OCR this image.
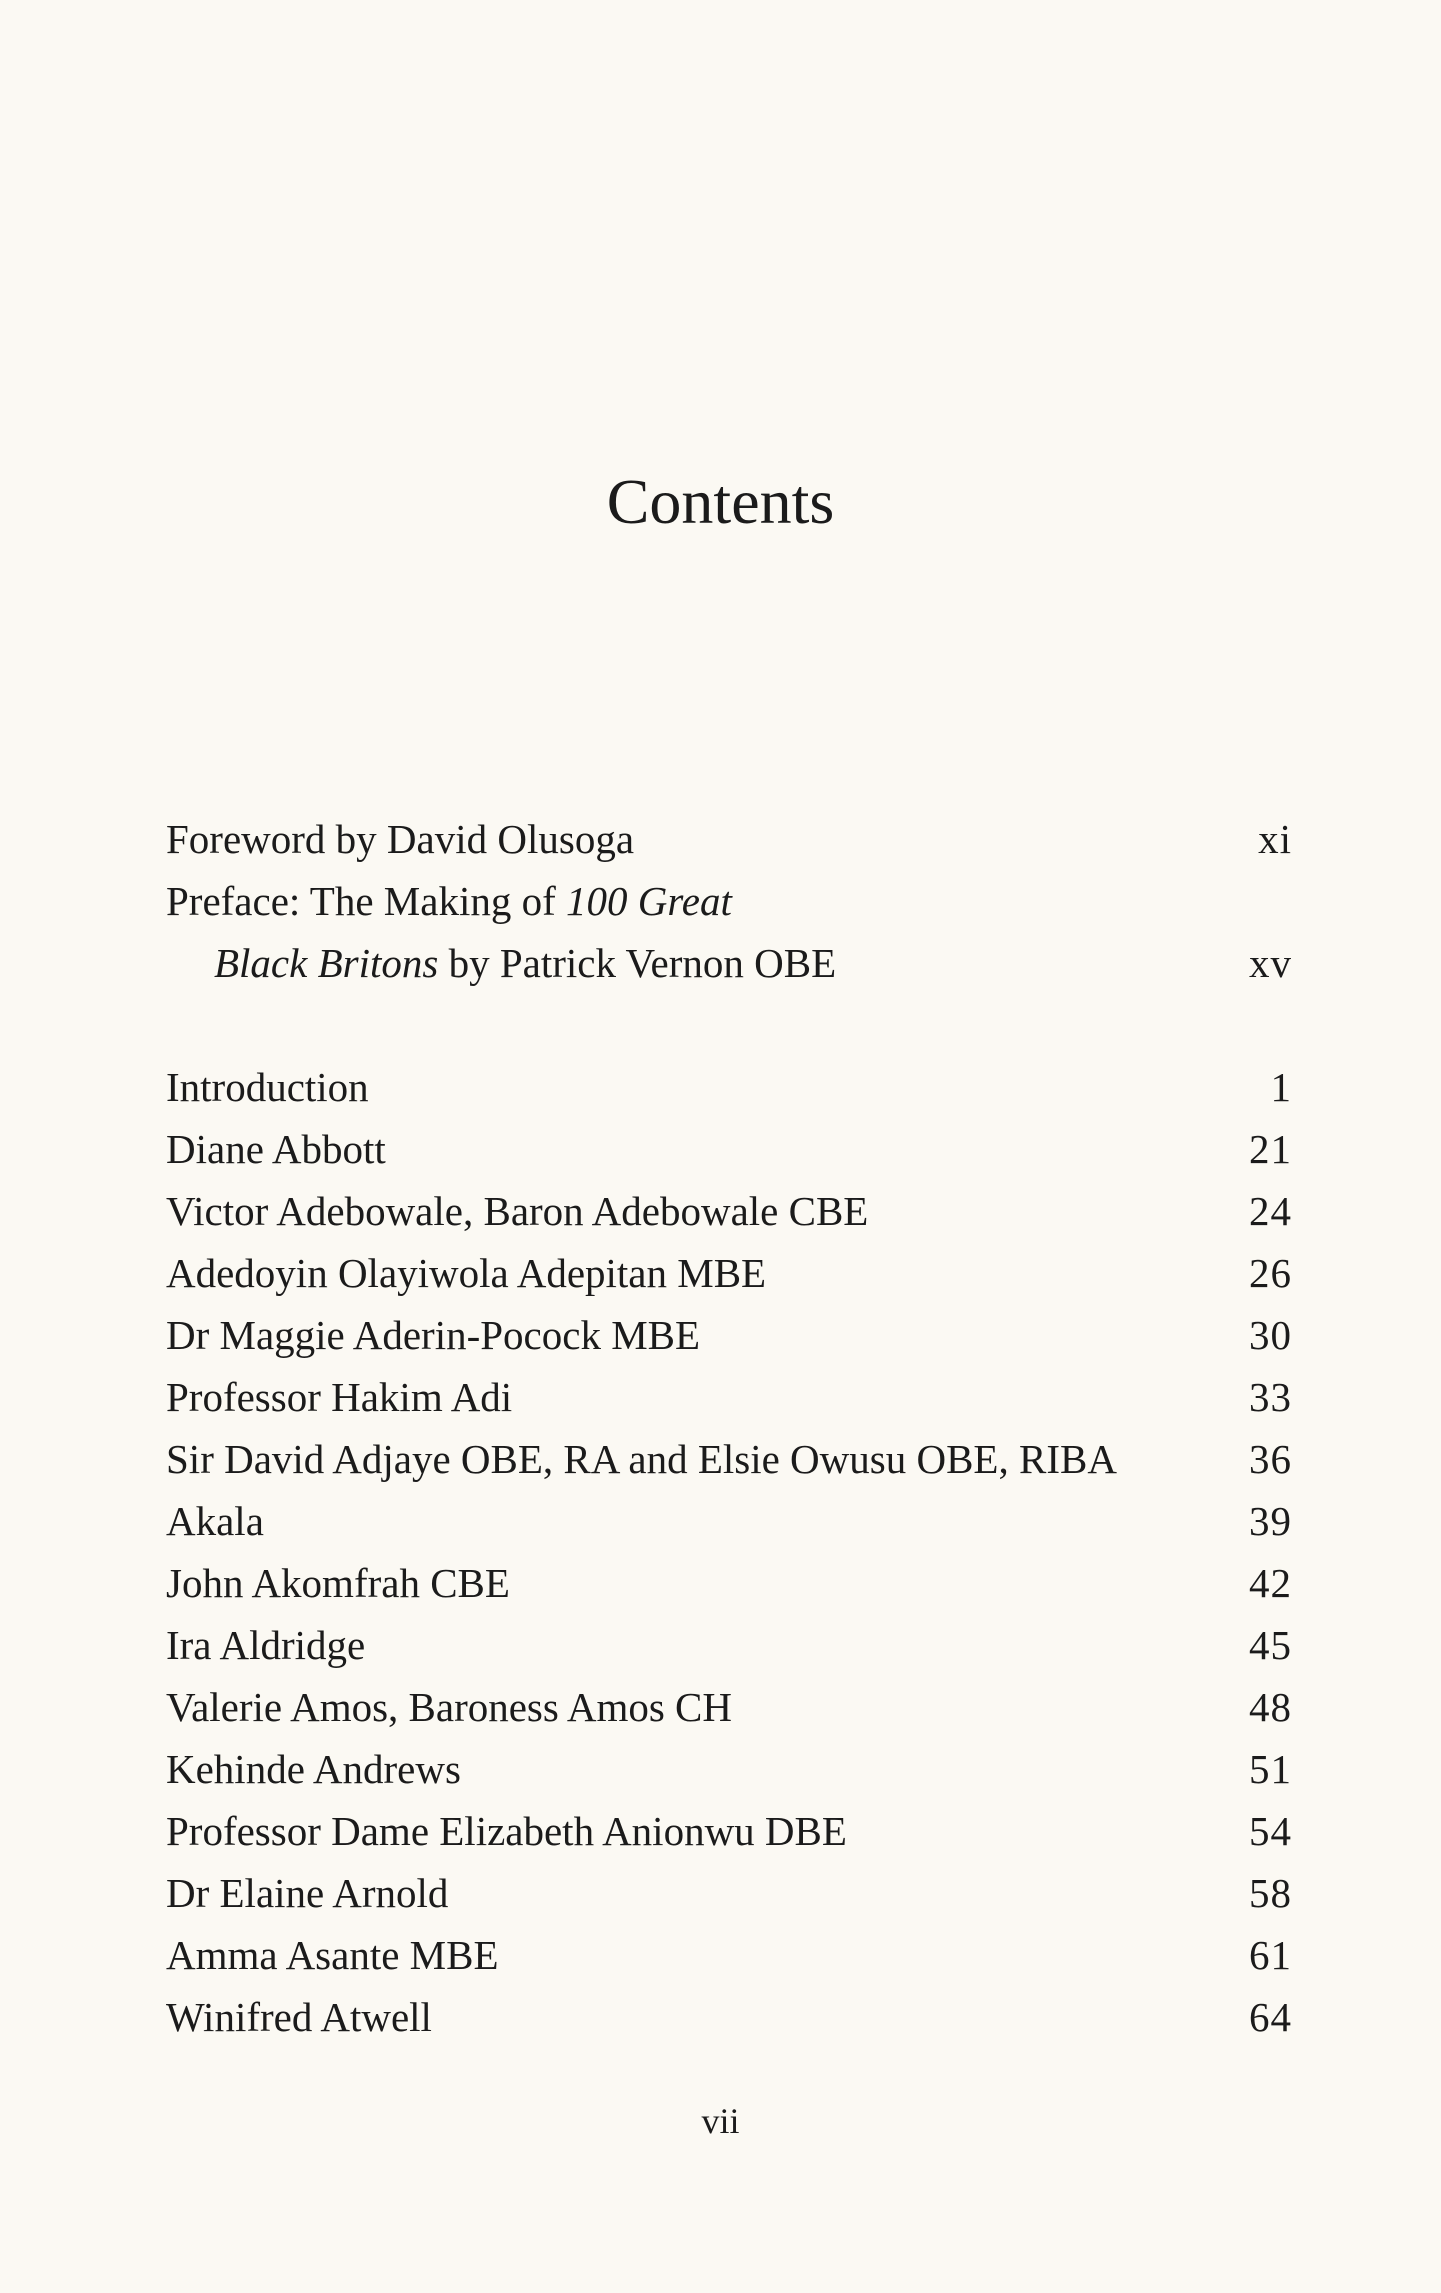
Contents
Foreword by David Olusoga	xi
Preface: The Making of 100 Great
Black Britons by Patrick Vernon OBE	xv
Introduction	1
Diane Abbott	21
Victor Adebowale, Baron Adebowale CBE	24
Adedoyin Olayiwola Adepitan MBE	26
Dr Maggie Aderin-Pocock MBE	30
Professor Hakim Adi	33
Sir David Adjaye OBE, RA and Elsie Owusu OBE, RIBA	36
Akala	39
John Akomfrah CBE	42
Ira Aldridge	45
Valerie Amos, Baroness Amos CH	48
Kehinde Andrews	51
Professor Dame Elizabeth Anionwu DBE	54
Dr Elaine Arnold	58
Amma Asante MBE	61
Winifred Atwell	64
vii
